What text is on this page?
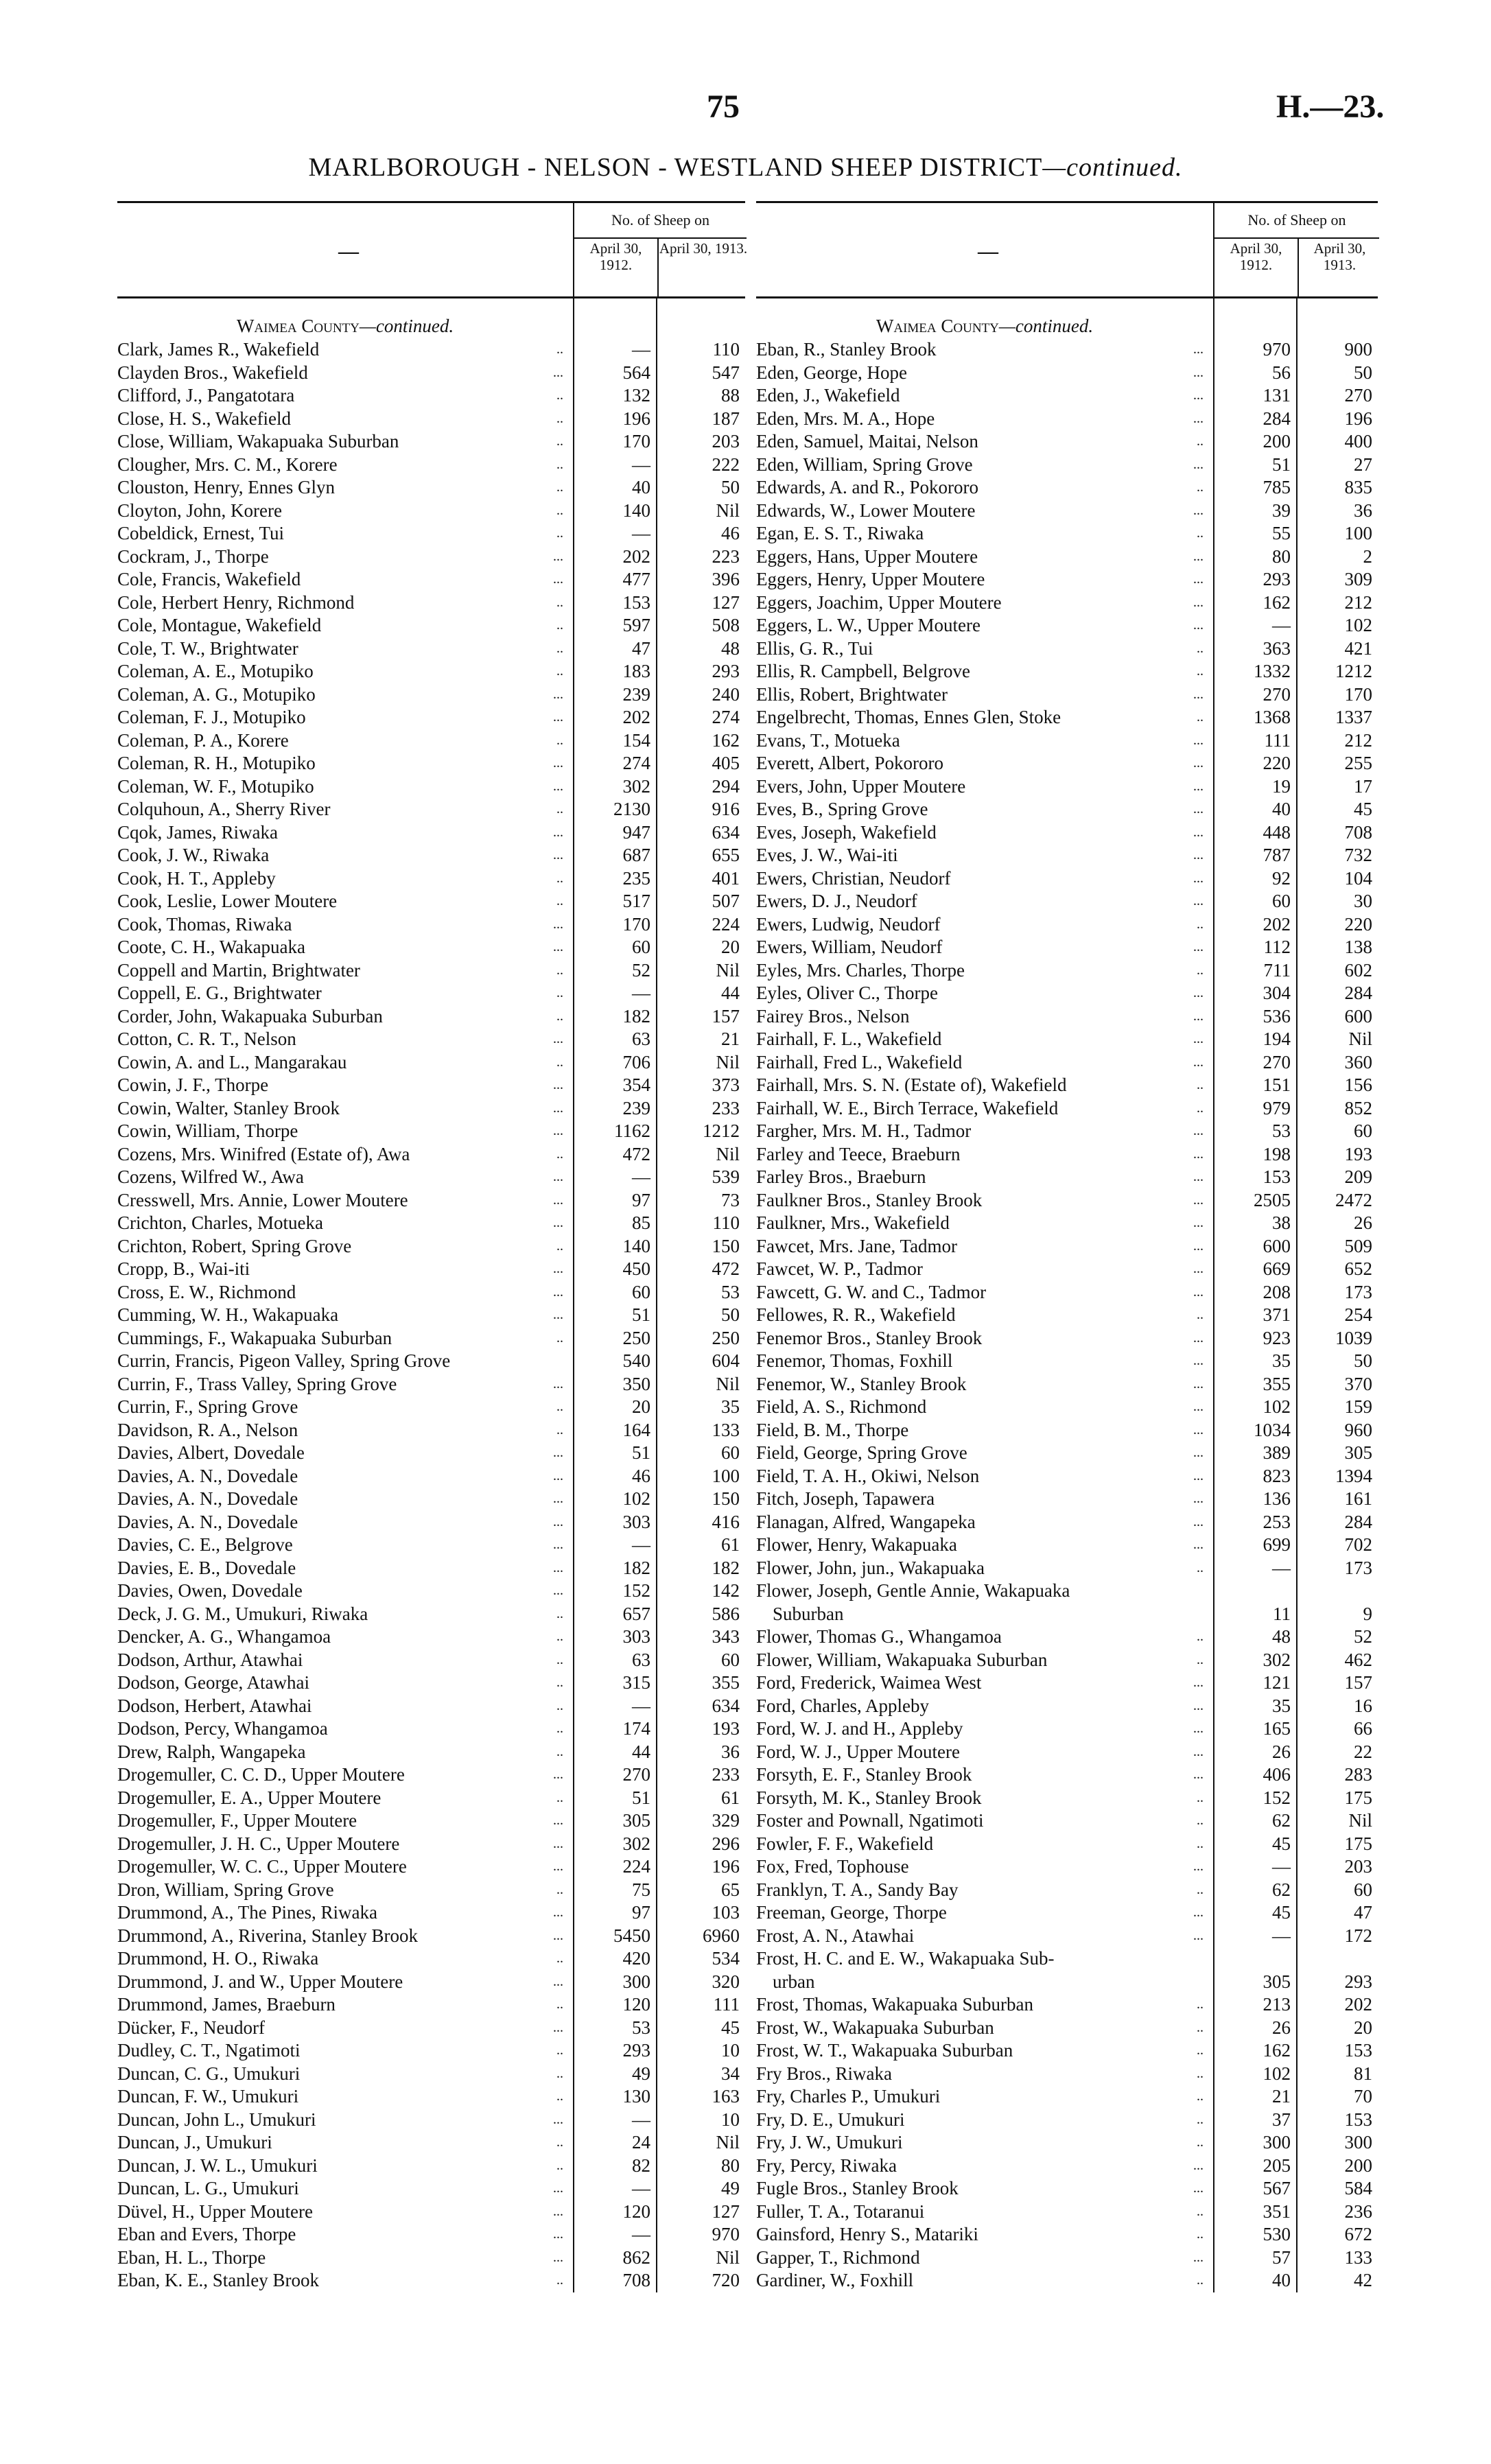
75	H.—23.
MARLBOROUGH - NELSON - WESTLAND SHEEP DISTRICT—continued.
—
No. of Sheep on
April 30, 1912.
April 30, 1913.
Waimea County—continued.
Clark, James R., Wakefield	..	—	110
Clayden Bros., Wakefield	...	564	547
Clifford, J., Pangatotara	..	132	88
Close, H. S., Wakefield	..	196	187
Close, William, Wakapuaka Suburban	..	170	203
Clougher, Mrs. C. M., Korere	..	—	222
Clouston, Henry, Ennes Glyn	..	40	50
Cloyton, John, Korere	..	140	Nil
Cobeldick, Ernest, Tui	..	—	46
Cockram, J., Thorpe	...	202	223
Cole, Francis, Wakefield	...	477	396
Cole, Herbert Henry, Richmond	..	153	127
Cole, Montague, Wakefield	..	597	508
Cole, T. W., Brightwater	..	47	48
Coleman, A. E., Motupiko	..	183	293
Coleman, A. G., Motupiko	...	239	240
Coleman, F. J., Motupiko	...	202	274
Coleman, P. A., Korere	..	154	162
Coleman, R. H., Motupiko	...	274	405
Coleman, W. F., Motupiko	...	302	294
Colquhoun, A., Sherry River	..	2130	916
Cqok, James, Riwaka	...	947	634
Cook, J. W., Riwaka	...	687	655
Cook, H. T., Appleby	..	235	401
Cook, Leslie, Lower Moutere	..	517	507
Cook, Thomas, Riwaka	...	170	224
Coote, C. H., Wakapuaka	...	60	20
Coppell and Martin, Brightwater	..	52	Nil
Coppell, E. G., Brightwater	..	—	44
Corder, John, Wakapuaka Suburban	..	182	157
Cotton, C. R. T., Nelson	...	63	21
Cowin, A. and L., Mangarakau	..	706	Nil
Cowin, J. F., Thorpe	...	354	373
Cowin, Walter, Stanley Brook	...	239	233
Cowin, William, Thorpe	...	1162	1212
Cozens, Mrs. Winifred (Estate of), Awa	..	472	Nil
Cozens, Wilfred W., Awa	...	—	539
Cresswell, Mrs. Annie, Lower Moutere	...	97	73
Crichton, Charles, Motueka	...	85	110
Crichton, Robert, Spring Grove	..	140	150
Cropp, B., Wai-iti	...	450	472
Cross, E. W., Richmond	...	60	53
Cumming, W. H., Wakapuaka	...	51	50
Cummings, F., Wakapuaka Suburban	..	250	250
Currin, Francis, Pigeon Valley, Spring Grove	540	604
Currin, F., Trass Valley, Spring Grove	...	350	Nil
Currin, F., Spring Grove	..	20	35
Davidson, R. A., Nelson	..	164	133
Davies, Albert, Dovedale	...	51	60
Davies, A. N., Dovedale	...	46	100
Davies, A. N., Dovedale	...	102	150
Davies, A. N., Dovedale	...	303	416
Davies, C. E., Belgrove	...	—	61
Davies, E. B., Dovedale	...	182	182
Davies, Owen, Dovedale	...	152	142
Deck, J. G. M., Umukuri, Riwaka	..	657	586
Dencker, A. G., Whangamoa	..	303	343
Dodson, Arthur, Atawhai	..	63	60
Dodson, George, Atawhai	..	315	355
Dodson, Herbert, Atawhai	..	—	634
Dodson, Percy, Whangamoa	..	174	193
Drew, Ralph, Wangapeka	..	44	36
Drogemuller, C. C. D., Upper Moutere	...	270	233
Drogemuller, E. A., Upper Moutere	..	51	61
Drogemuller, F., Upper Moutere	...	305	329
Drogemuller, J. H. C., Upper Moutere	...	302	296
Drogemuller, W. C. C., Upper Moutere	...	224	196
Dron, William, Spring Grove	..	75	65
Drummond, A., The Pines, Riwaka	...	97	103
Drummond, A., Riverina, Stanley Brook	...	5450	6960
Drummond, H. O., Riwaka	..	420	534
Drummond, J. and W., Upper Moutere	...	300	320
Drummond, James, Braeburn	..	120	111
Dücker, F., Neudorf	...	53	45
Dudley, C. T., Ngatimoti	..	293	10
Duncan, C. G., Umukuri	..	49	34
Duncan, F. W., Umukuri	..	130	163
Duncan, John L., Umukuri	...	—	10
Duncan, J., Umukuri	..	24	Nil
Duncan, J. W. L., Umukuri	..	82	80
Duncan, L. G., Umukuri	...	—	49
Düvel, H., Upper Moutere	...	120	127
Eban and Evers, Thorpe	...	—	970
Eban, H. L., Thorpe	...	862	Nil
Eban, K. E., Stanley Brook	..	708	720
—
No. of Sheep on
April 30, 1912.
April 30, 1913.
Waimea County—continued.
Eban, R., Stanley Brook	...	970	900
Eden, George, Hope	...	56	50
Eden, J., Wakefield	...	131	270
Eden, Mrs. M. A., Hope	...	284	196
Eden, Samuel, Maitai, Nelson	..	200	400
Eden, William, Spring Grove	...	51	27
Edwards, A. and R., Pokororo	..	785	835
Edwards, W., Lower Moutere	...	39	36
Egan, E. S. T., Riwaka	..	55	100
Eggers, Hans, Upper Moutere	...	80	2
Eggers, Henry, Upper Moutere	...	293	309
Eggers, Joachim, Upper Moutere	...	162	212
Eggers, L. W., Upper Moutere	...	—	102
Ellis, G. R., Tui	..	363	421
Ellis, R. Campbell, Belgrove	..	1332	1212
Ellis, Robert, Brightwater	...	270	170
Engelbrecht, Thomas, Ennes Glen, Stoke	..	1368	1337
Evans, T., Motueka	...	111	212
Everett, Albert, Pokororo	...	220	255
Evers, John, Upper Moutere	...	19	17
Eves, B., Spring Grove	...	40	45
Eves, Joseph, Wakefield	...	448	708
Eves, J. W., Wai-iti	...	787	732
Ewers, Christian, Neudorf	...	92	104
Ewers, D. J., Neudorf	...	60	30
Ewers, Ludwig, Neudorf	..	202	220
Ewers, William, Neudorf	...	112	138
Eyles, Mrs. Charles, Thorpe	..	711	602
Eyles, Oliver C., Thorpe	...	304	284
Fairey Bros., Nelson	...	536	600
Fairhall, F. L., Wakefield	...	194	Nil
Fairhall, Fred L., Wakefield	...	270	360
Fairhall, Mrs. S. N. (Estate of), Wakefield	..	151	156
Fairhall, W. E., Birch Terrace, Wakefield	..	979	852
Fargher, Mrs. M. H., Tadmor	...	53	60
Farley and Teece, Braeburn	...	198	193
Farley Bros., Braeburn	...	153	209
Faulkner Bros., Stanley Brook	...	2505	2472
Faulkner, Mrs., Wakefield	...	38	26
Fawcet, Mrs. Jane, Tadmor	...	600	509
Fawcet, W. P., Tadmor	...	669	652
Fawcett, G. W. and C., Tadmor	...	208	173
Fellowes, R. R., Wakefield	..	371	254
Fenemor Bros., Stanley Brook	...	923	1039
Fenemor, Thomas, Foxhill	...	35	50
Fenemor, W., Stanley Brook	...	355	370
Field, A. S., Richmond	...	102	159
Field, B. M., Thorpe	...	1034	960
Field, George, Spring Grove	...	389	305
Field, T. A. H., Okiwi, Nelson	...	823	1394
Fitch, Joseph, Tapawera	...	136	161
Flanagan, Alfred, Wangapeka	...	253	284
Flower, Henry, Wakapuaka	...	699	702
Flower, John, jun., Wakapuaka	..	—	173
Flower, Joseph, Gentle Annie, Wakapuaka
Suburban	11	9
Flower, Thomas G., Whangamoa	..	48	52
Flower, William, Wakapuaka Suburban	..	302	462
Ford, Frederick, Waimea West	...	121	157
Ford, Charles, Appleby	...	35	16
Ford, W. J. and H., Appleby	...	165	66
Ford, W. J., Upper Moutere	...	26	22
Forsyth, E. F., Stanley Brook	...	406	283
Forsyth, M. K., Stanley Brook	..	152	175
Foster and Pownall, Ngatimoti	..	62	Nil
Fowler, F. F., Wakefield	..	45	175
Fox, Fred, Tophouse	...	—	203
Franklyn, T. A., Sandy Bay	..	62	60
Freeman, George, Thorpe	...	45	47
Frost, A. N., Atawhai	...	—	172
Frost, H. C. and E. W., Wakapuaka Sub-
urban	305	293
Frost, Thomas, Wakapuaka Suburban	..	213	202
Frost, W., Wakapuaka Suburban	..	26	20
Frost, W. T., Wakapuaka Suburban	..	162	153
Fry Bros., Riwaka	..	102	81
Fry, Charles P., Umukuri	..	21	70
Fry, D. E., Umukuri	..	37	153
Fry, J. W., Umukuri	..	300	300
Fry, Percy, Riwaka	...	205	200
Fugle Bros., Stanley Brook	...	567	584
Fuller, T. A., Totaranui	..	351	236
Gainsford, Henry S., Matariki	..	530	672
Gapper, T., Richmond	...	57	133
Gardiner, W., Foxhill	..	40	42
